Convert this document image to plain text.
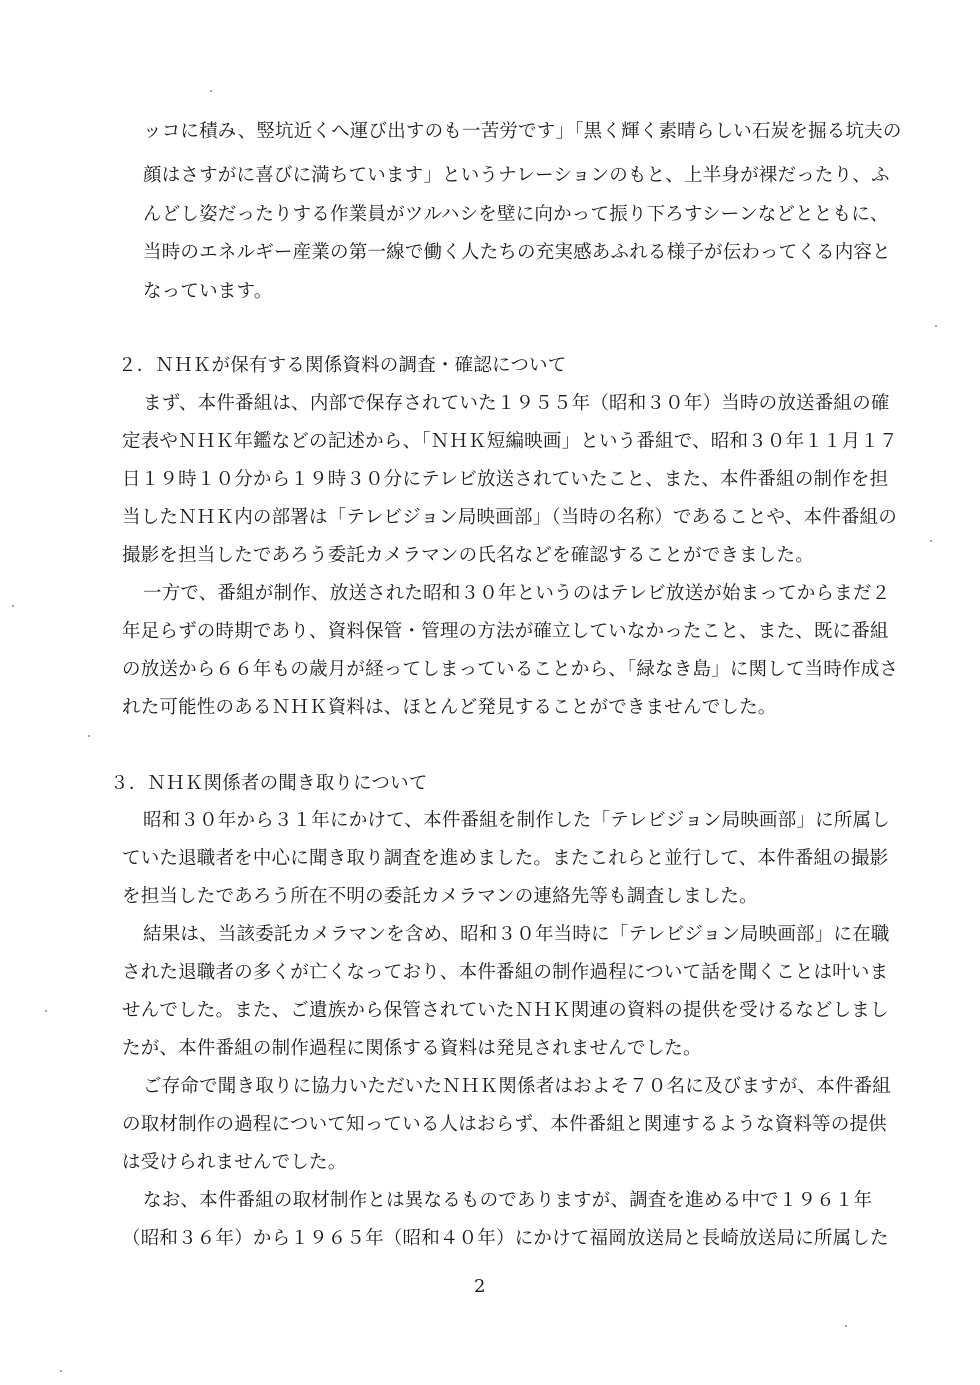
ッコに積み、竪坑近くへ運び出すのも一苦労です」「黒く輝く素晴らしい石炭を掘る坑夫の
顔はさすがに喜びに満ちています」というナレーションのもと、上半身が裸だったり、ふ
んどし姿だったりする作業員がツルハシを壁に向かって振り下ろすシーンなどとともに、
当時のエネルギー産業の第一線で働く人たちの充実感あふれる様子が伝わってくる内容と
なっています。
２．ＮＨＫが保有する関係資料の調査・確認について
まず、本件番組は、内部で保存されていた１９５５年（昭和３０年）当時の放送番組の確
定表やＮＨＫ年鑑などの記述から、「ＮＨＫ短編映画」という番組で、昭和３０年１１月１７
日１９時１０分から１９時３０分にテレビ放送されていたこと、また、本件番組の制作を担
当したＮＨＫ内の部署は「テレビジョン局映画部」（当時の名称）であることや、本件番組の
撮影を担当したであろう委託カメラマンの氏名などを確認することができました。
一方で、番組が制作、放送された昭和３０年というのはテレビ放送が始まってからまだ２
年足らずの時期であり、資料保管・管理の方法が確立していなかったこと、また、既に番組
の放送から６６年もの歳月が経ってしまっていることから、「緑なき島」に関して当時作成さ
れた可能性のあるＮＨＫ資料は、ほとんど発見することができませんでした。
３．ＮＨＫ関係者の聞き取りについて
昭和３０年から３１年にかけて、本件番組を制作した「テレビジョン局映画部」に所属し
ていた退職者を中心に聞き取り調査を進めました。またこれらと並行して、本件番組の撮影
を担当したであろう所在不明の委託カメラマンの連絡先等も調査しました。
結果は、当該委託カメラマンを含め、昭和３０年当時に「テレビジョン局映画部」に在職
された退職者の多くが亡くなっており、本件番組の制作過程について話を聞くことは叶いま
せんでした。また、ご遺族から保管されていたＮＨＫ関連の資料の提供を受けるなどしまし
たが、本件番組の制作過程に関係する資料は発見されませんでした。
ご存命で聞き取りに協力いただいたＮＨＫ関係者はおよそ７０名に及びますが、本件番組
の取材制作の過程について知っている人はおらず、本件番組と関連するような資料等の提供
は受けられませんでした。
なお、本件番組の取材制作とは異なるものでありますが、調査を進める中で１９６１年
（昭和３６年）から１９６５年（昭和４０年）にかけて福岡放送局と長崎放送局に所属した
2
